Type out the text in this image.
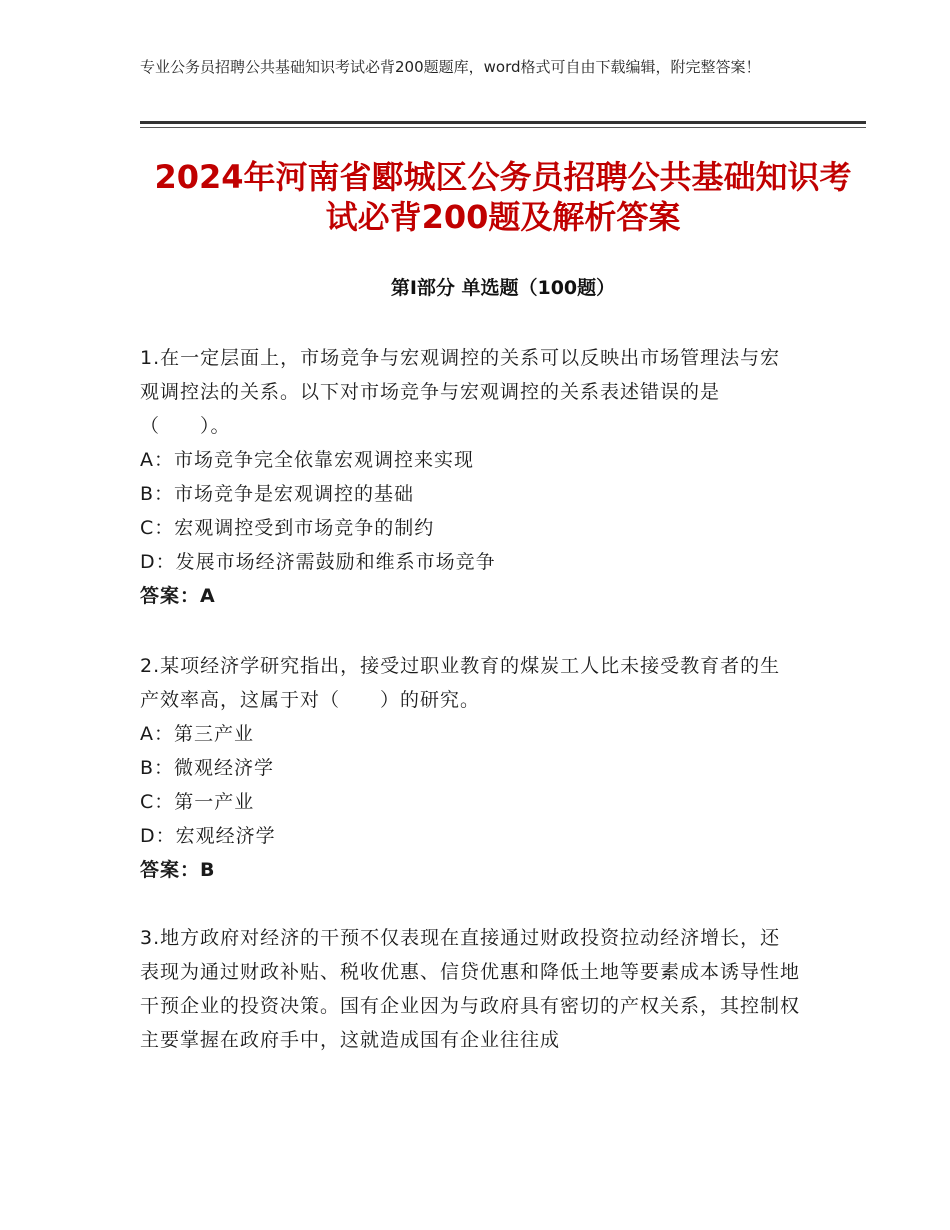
专业公务员招聘公共基础知识考试必背200题题库，word格式可自由下载编辑，附完整答案！
2024年河南省郾城区公务员招聘公共基础知识考试必背200题及解析答案
第Ⅰ部分 单选题（100题）

1.在一定层面上，市场竞争与宏观调控的关系可以反映出市场管理法与宏观调控法的关系。以下对市场竞争与宏观调控的关系表述错误的是（　　）。

A：市场竞争完全依靠宏观调控来实现

B：市场竞争是宏观调控的基础

C：宏观调控受到市场竞争的制约

D：发展市场经济需鼓励和维系市场竞争

答案：A

2.某项经济学研究指出，接受过职业教育的煤炭工人比未接受教育者的生产效率高，这属于对（　　）的研究。

A：第三产业

B：微观经济学

C：第一产业

D：宏观经济学

答案：B

3.地方政府对经济的干预不仅表现在直接通过财政投资拉动经济增长，还表现为通过财政补贴、税收优惠、信贷优惠和降低土地等要素成本诱导性地干预企业的投资决策。国有企业因为与政府具有密切的产权关系，其控制权主要掌握在政府手中，这就造成国有企业往往成
